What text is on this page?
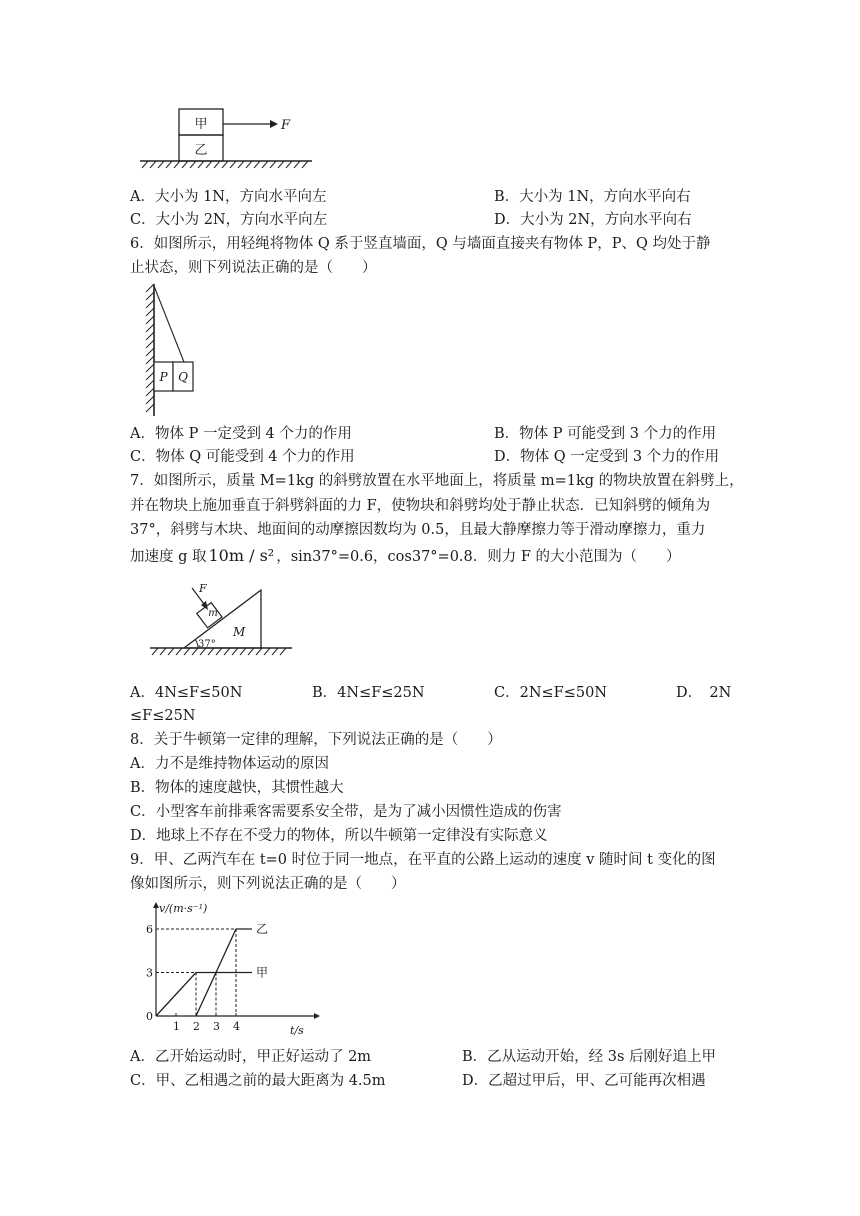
甲
乙
F
A．大小为 1N，方向水平向左	B．大小为 1N，方向水平向右
C．大小为 2N，方向水平向左	D．大小为 2N，方向水平向右
6．如图所示，用轻绳将物体 Q 系于竖直墙面，Q 与墙面直接夹有物体 P，P、Q 均处于静
止状态，则下列说法正确的是（　　）
P Q
A．物体 P 一定受到 4 个力的作用	B．物体 P 可能受到 3 个力的作用
C．物体 Q 可能受到 4 个力的作用	D．物体 Q 一定受到 3 个力的作用
7．如图所示，质量 M=1kg 的斜劈放置在水平地面上，将质量 m=1kg 的物块放置在斜劈上，
并在物块上施加垂直于斜劈斜面的力 F，使物块和斜劈均处于静止状态．已知斜劈的倾角为
37°，斜劈与木块、地面间的动摩擦因数均为 0.5，且最大静摩擦力等于滑动摩擦力，重力
加速度 g 取 10m / s² ，sin37°=0.6，cos37°=0.8．则力 F 的大小范围为（　　）
m
F
M
37°
A．4N≤F≤50N	B．4N≤F≤25N	C．2N≤F≤50N	D．　2N
≤F≤25N
8．关于牛顿第一定律的理解，下列说法正确的是（　　）
A．力不是维持物体运动的原因
B．物体的速度越快，其惯性越大
C．小型客车前排乘客需要系安全带，是为了减小因惯性造成的伤害
D．地球上不存在不受力的物体，所以牛顿第一定律没有实际意义
9．甲、乙两汽车在 t=0 时位于同一地点，在平直的公路上运动的速度 v 随时间 t 变化的图
像如图所示，则下列说法正确的是（　　）
v/(m·s⁻¹)
t/s
0
3
6
1 2 3 4
甲
乙
A．乙开始运动时，甲正好运动了 2m	B．乙从运动开始，经 3s 后刚好追上甲
C．甲、乙相遇之前的最大距离为 4.5m	D．乙超过甲后，甲、乙可能再次相遇
